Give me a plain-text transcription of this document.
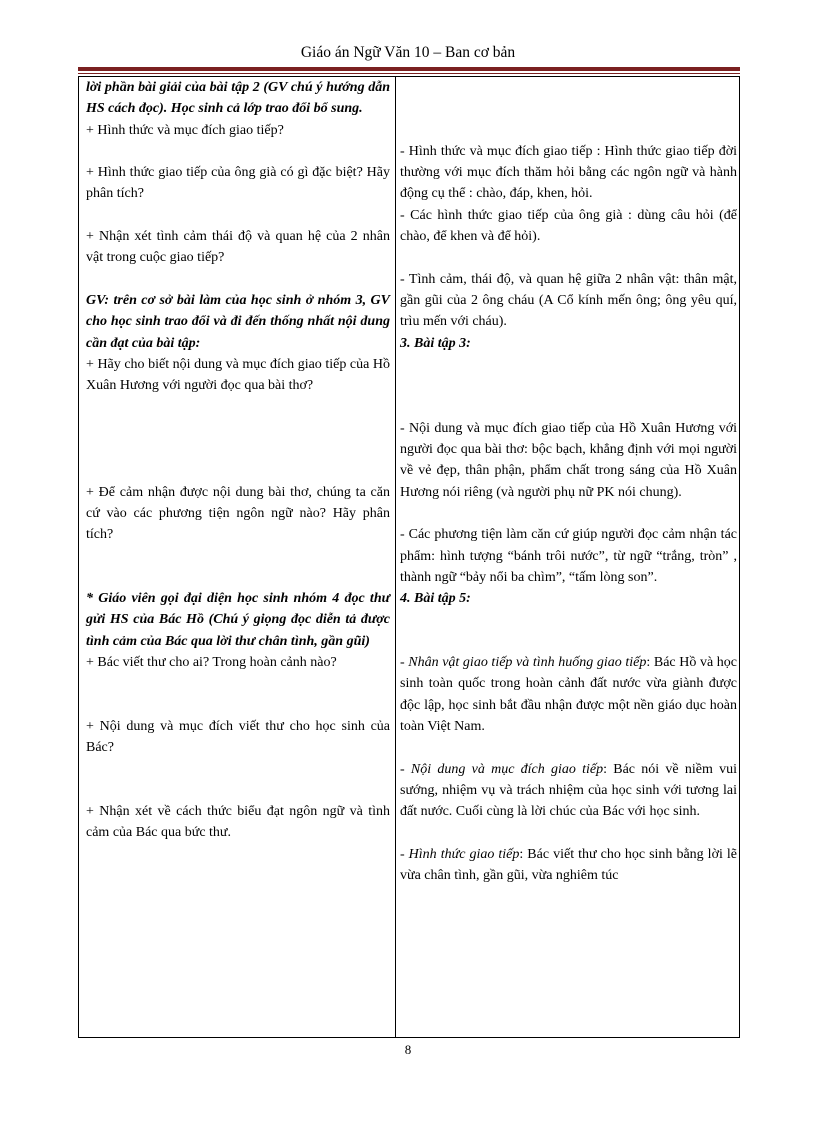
Giáo án Ngữ Văn 10 – Ban cơ bản

lời phần bài giải của bài tập 2 (GV chú ý hướng dẫn HS cách đọc). Học sinh cả lớp trao đổi bổ sung.

+ Hình thức và mục đích giao tiếp?

+ Hình thức giao tiếp của ông già có gì đặc biệt? Hãy phân tích?

+ Nhận xét tình cảm thái độ và quan hệ của 2 nhân vật trong cuộc giao tiếp?

GV: trên cơ sở bài làm của học sinh ở nhóm 3, GV cho học sinh trao đổi và đi đến thống nhất nội dung cần đạt của bài tập:

+ Hãy cho biết nội dung và mục đích giao tiếp của Hồ Xuân Hương với người đọc qua bài thơ?

+ Để cảm nhận được nội dung bài thơ, chúng ta căn cứ vào các phương tiện ngôn ngữ nào? Hãy phân tích?

* Giáo viên gọi đại diện học sinh nhóm 4 đọc thư gửi HS của Bác Hồ (Chú ý giọng đọc diễn tả được tình cảm của Bác qua lời thư chân tình, gần gũi)

+ Bác viết thư cho ai? Trong hoàn cảnh nào?

+ Nội dung và mục đích viết thư cho học sinh của Bác?

+ Nhận xét về cách thức biểu đạt ngôn ngữ và tình cảm của Bác qua bức thư.

- Hình thức và mục đích giao tiếp : Hình thức giao tiếp đời thường với mục đích thăm hỏi bằng các ngôn ngữ và hành động cụ thể : chào, đáp, khen, hỏi.

- Các hình thức giao tiếp của ông già : dùng câu hỏi (để chào, để khen và để hỏi).

- Tình cảm, thái độ, và quan hệ giữa 2 nhân vật: thân mật, gần gũi của 2 ông cháu (A Cổ kính mến ông; ông yêu quí, trìu mến với cháu).

3. Bài tập 3:

- Nội dung và mục đích giao tiếp của Hồ Xuân Hương với người đọc qua bài thơ: bộc bạch, khẳng định với mọi người về vẻ đẹp, thân phận, phẩm chất trong sáng của Hồ Xuân Hương nói riêng (và người phụ nữ PK nói chung).

- Các phương tiện làm căn cứ giúp người đọc cảm nhận tác phẩm: hình tượng “bánh trôi nước”, từ ngữ “trắng, tròn” , thành ngữ “bảy nổi ba chìm”, “tấm lòng son”.

4. Bài tập 5:

- Nhân vật giao tiếp và tình huống giao tiếp: Bác Hồ và học sinh toàn quốc trong hoàn cảnh đất nước vừa giành được độc lập, học sinh bắt đầu nhận được một nền giáo dục hoàn toàn Việt Nam.

- Nội dung và mục đích giao tiếp: Bác nói về niềm vui sướng, nhiệm vụ và trách nhiệm của học sinh với tương lai đất nước. Cuối cùng là lời chúc của Bác với học sinh.

- Hình thức giao tiếp: Bác viết thư cho học sinh bằng lời lẽ vừa chân tình, gần gũi, vừa nghiêm túc

8
